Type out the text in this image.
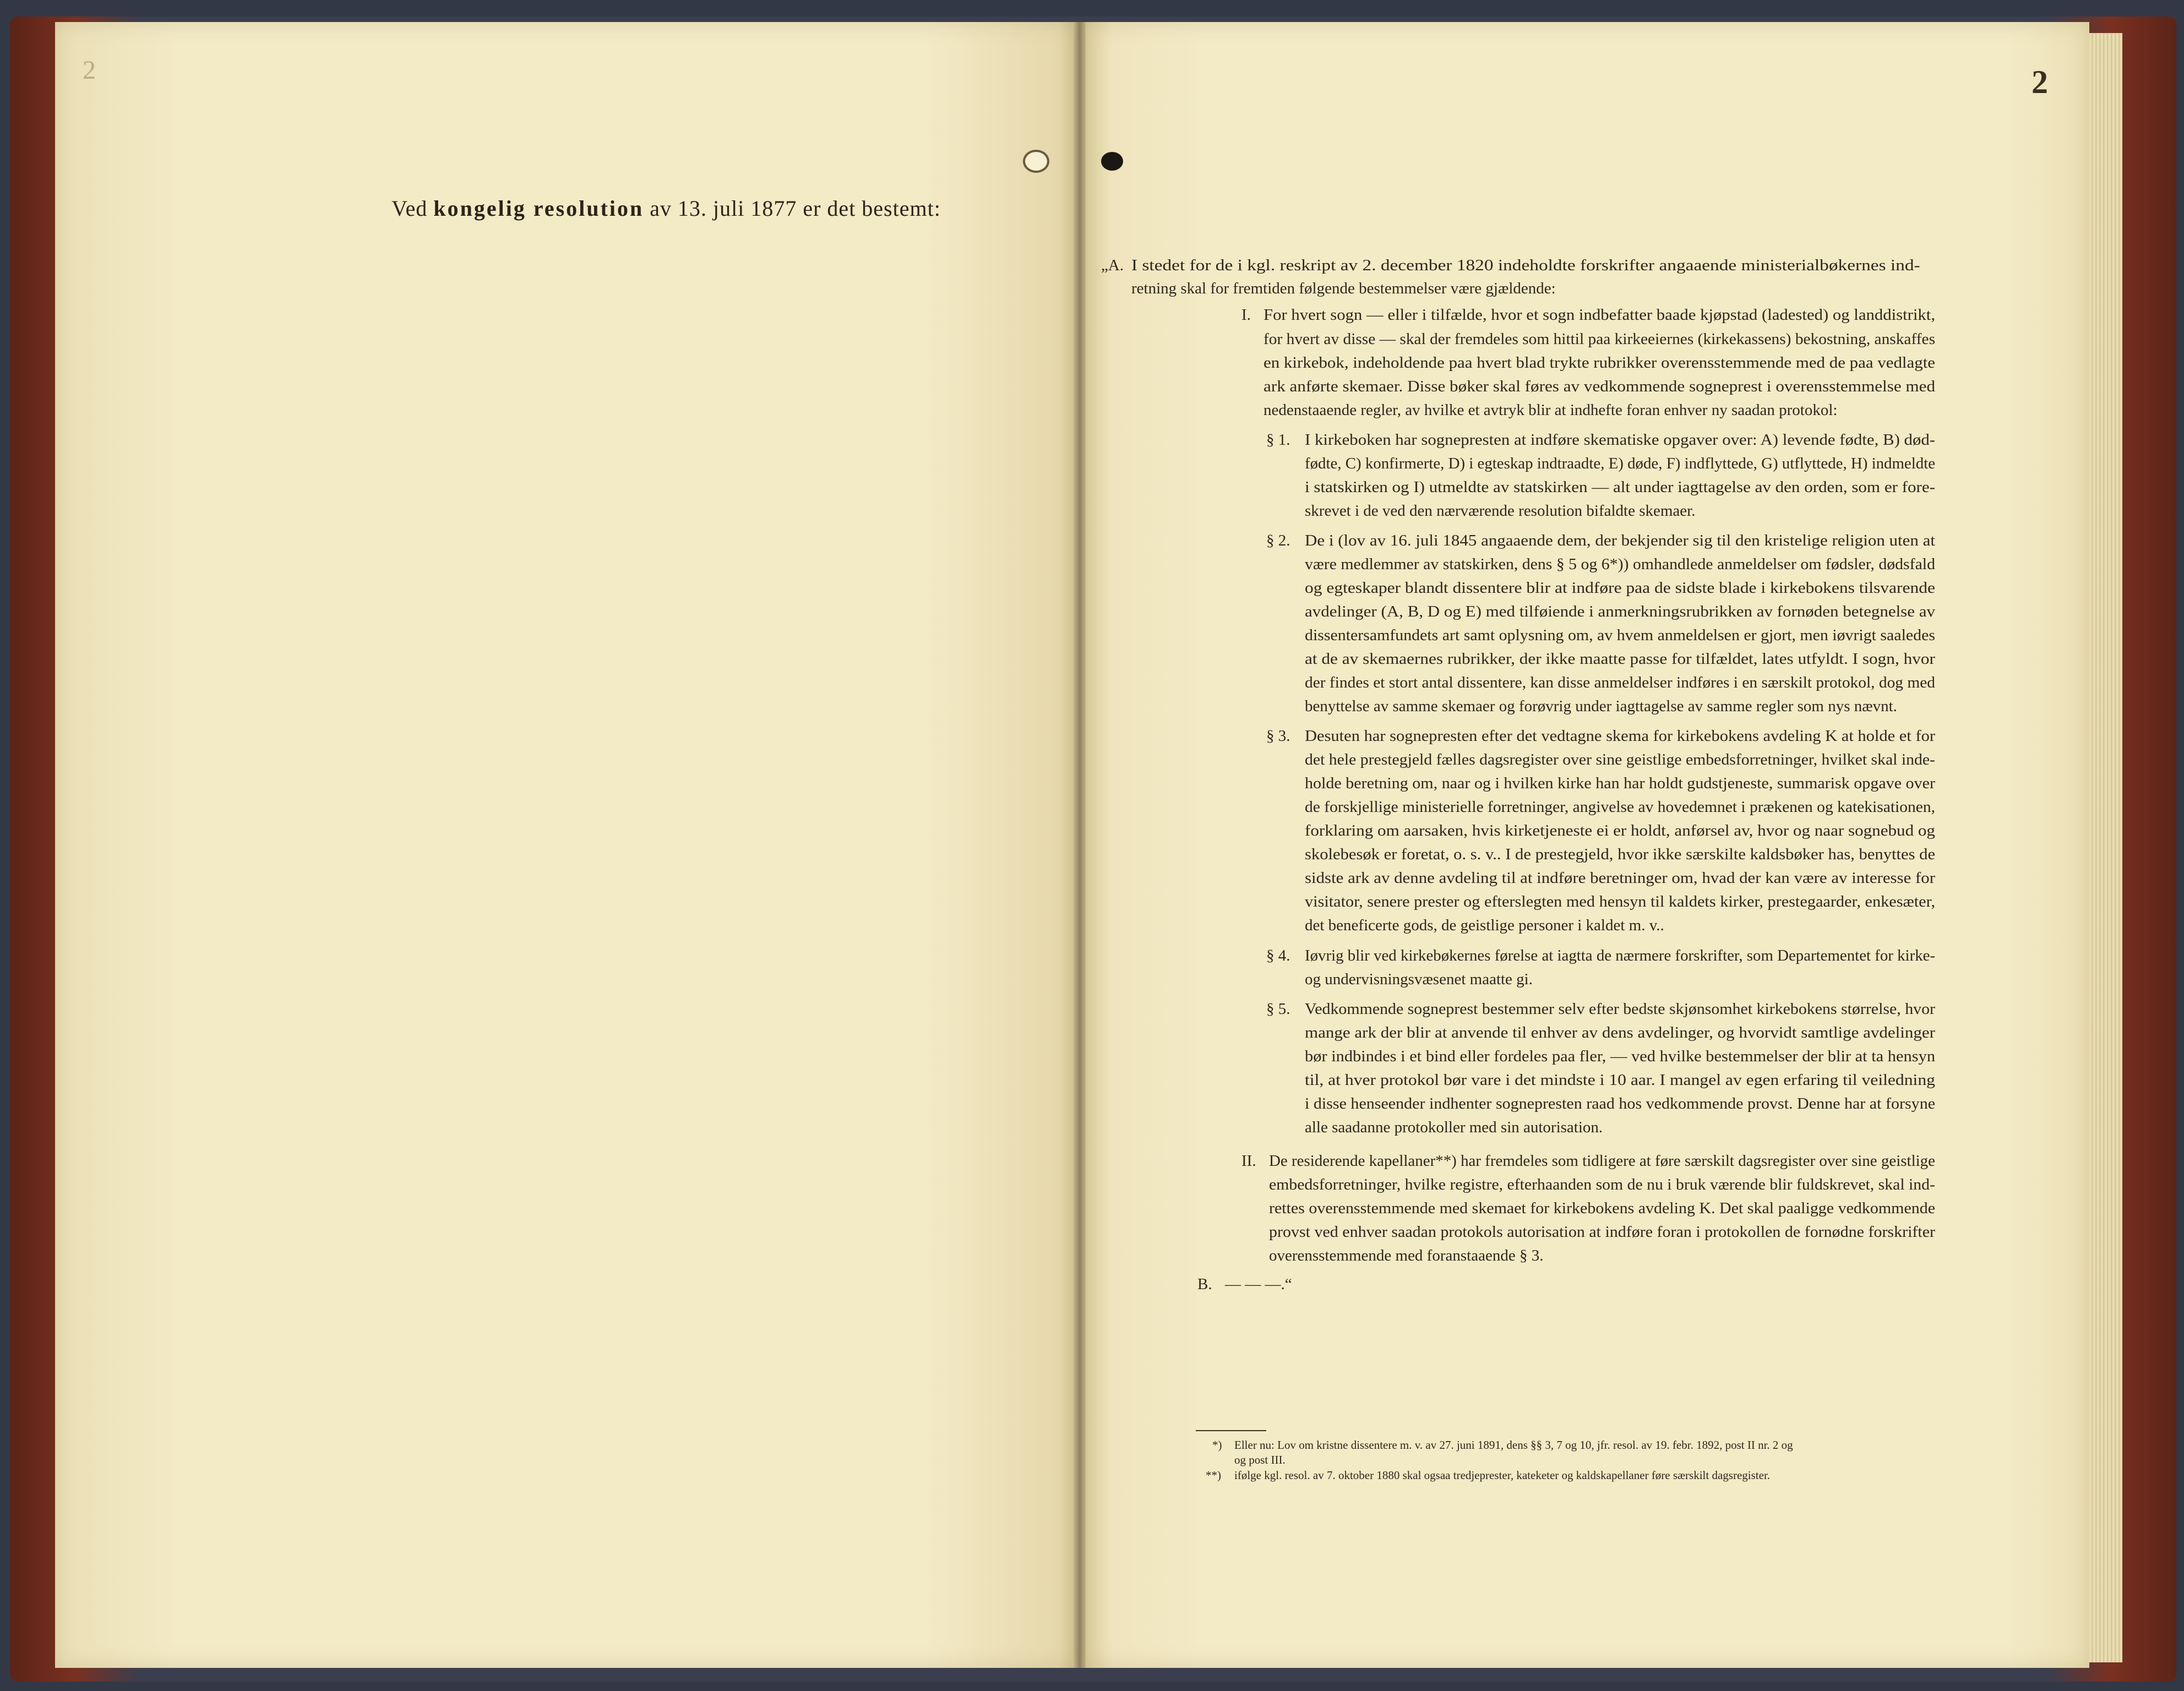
2	2
Ved kongelig resolution av 13. juli 1877 er det bestemt:
„A. I stedet for de i kgl. reskript av 2. december 1820 indeholdte forskrifter angaaende ministerialbøkernes ind-
retning skal for fremtiden følgende bestemmelser være gjældende:
I. For hvert sogn — eller i tilfælde, hvor et sogn indbefatter baade kjøpstad (ladested) og landdistrikt,
for hvert av disse — skal der fremdeles som hittil paa kirkeeiernes (kirkekassens) bekostning, anskaffes
en kirkebok, indeholdende paa hvert blad trykte rubrikker overensstemmende med de paa vedlagte
ark anførte skemaer. Disse bøker skal føres av vedkommende sogneprest i overensstemmelse med
nedenstaaende regler, av hvilke et avtryk blir at indhefte foran enhver ny saadan protokol:
§ 1. I kirkeboken har sognepresten at indføre skematiske opgaver over: A) levende fødte, B) død-
fødte, C) konfirmerte, D) i egteskap indtraadte, E) døde, F) indflyttede, G) utflyttede, H) indmeldte
i statskirken og I) utmeldte av statskirken — alt under iagttagelse av den orden, som er fore-
skrevet i de ved den nærværende resolution bifaldte skemaer.
§ 2. De i (lov av 16. juli 1845 angaaende dem, der bekjender sig til den kristelige religion uten at
være medlemmer av statskirken, dens § 5 og 6*)) omhandlede anmeldelser om fødsler, dødsfald
og egteskaper blandt dissentere blir at indføre paa de sidste blade i kirkebokens tilsvarende
avdelinger (A, B, D og E) med tilføiende i anmerkningsrubrikken av fornøden betegnelse av
dissentersamfundets art samt oplysning om, av hvem anmeldelsen er gjort, men iøvrigt saaledes
at de av skemaernes rubrikker, der ikke maatte passe for tilfældet, lates utfyldt. I sogn, hvor
der findes et stort antal dissentere, kan disse anmeldelser indføres i en særskilt protokol, dog med
benyttelse av samme skemaer og forøvrig under iagttagelse av samme regler som nys nævnt.
§ 3. Desuten har sognepresten efter det vedtagne skema for kirkebokens avdeling K at holde et for
det hele prestegjeld fælles dagsregister over sine geistlige embedsforretninger, hvilket skal inde-
holde beretning om, naar og i hvilken kirke han har holdt gudstjeneste, summarisk opgave over
de forskjellige ministerielle forretninger, angivelse av hovedemnet i prækenen og katekisationen,
forklaring om aarsaken, hvis kirketjeneste ei er holdt, anførsel av, hvor og naar sognebud og
skolebesøk er foretat, o. s. v.. I de prestegjeld, hvor ikke særskilte kaldsbøker has, benyttes de
sidste ark av denne avdeling til at indføre beretninger om, hvad der kan være av interesse for
visitator, senere prester og efterslegten med hensyn til kaldets kirker, prestegaarder, enkesæter,
det beneficerte gods, de geistlige personer i kaldet m. v..
§ 4. Iøvrig blir ved kirkebøkernes førelse at iagtta de nærmere forskrifter, som Departementet for kirke-
og undervisningsvæsenet maatte gi.
§ 5. Vedkommende sogneprest bestemmer selv efter bedste skjønsomhet kirkebokens størrelse, hvor
mange ark der blir at anvende til enhver av dens avdelinger, og hvorvidt samtlige avdelinger
bør indbindes i et bind eller fordeles paa fler, — ved hvilke bestemmelser der blir at ta hensyn
til, at hver protokol bør vare i det mindste i 10 aar. I mangel av egen erfaring til veiledning
i disse henseender indhenter sognepresten raad hos vedkommende provst. Denne har at forsyne
alle saadanne protokoller med sin autorisation.
II. De residerende kapellaner**) har fremdeles som tidligere at føre særskilt dagsregister over sine geistlige
embedsforretninger, hvilke registre, efterhaanden som de nu i bruk værende blir fuldskrevet, skal ind-
rettes overensstemmende med skemaet for kirkebokens avdeling K. Det skal paaligge vedkommende
provst ved enhver saadan protokols autorisation at indføre foran i protokollen de fornødne forskrifter
overensstemmende med foranstaaende § 3.
B. — — —.“
*) Eller nu: Lov om kristne dissentere m. v. av 27. juni 1891, dens §§ 3, 7 og 10, jfr. resol. av 19. febr. 1892, post II nr. 2 og
og post III.
**) ifølge kgl. resol. av 7. oktober 1880 skal ogsaa tredjeprester, kateketer og kaldskapellaner føre særskilt dagsregister.
